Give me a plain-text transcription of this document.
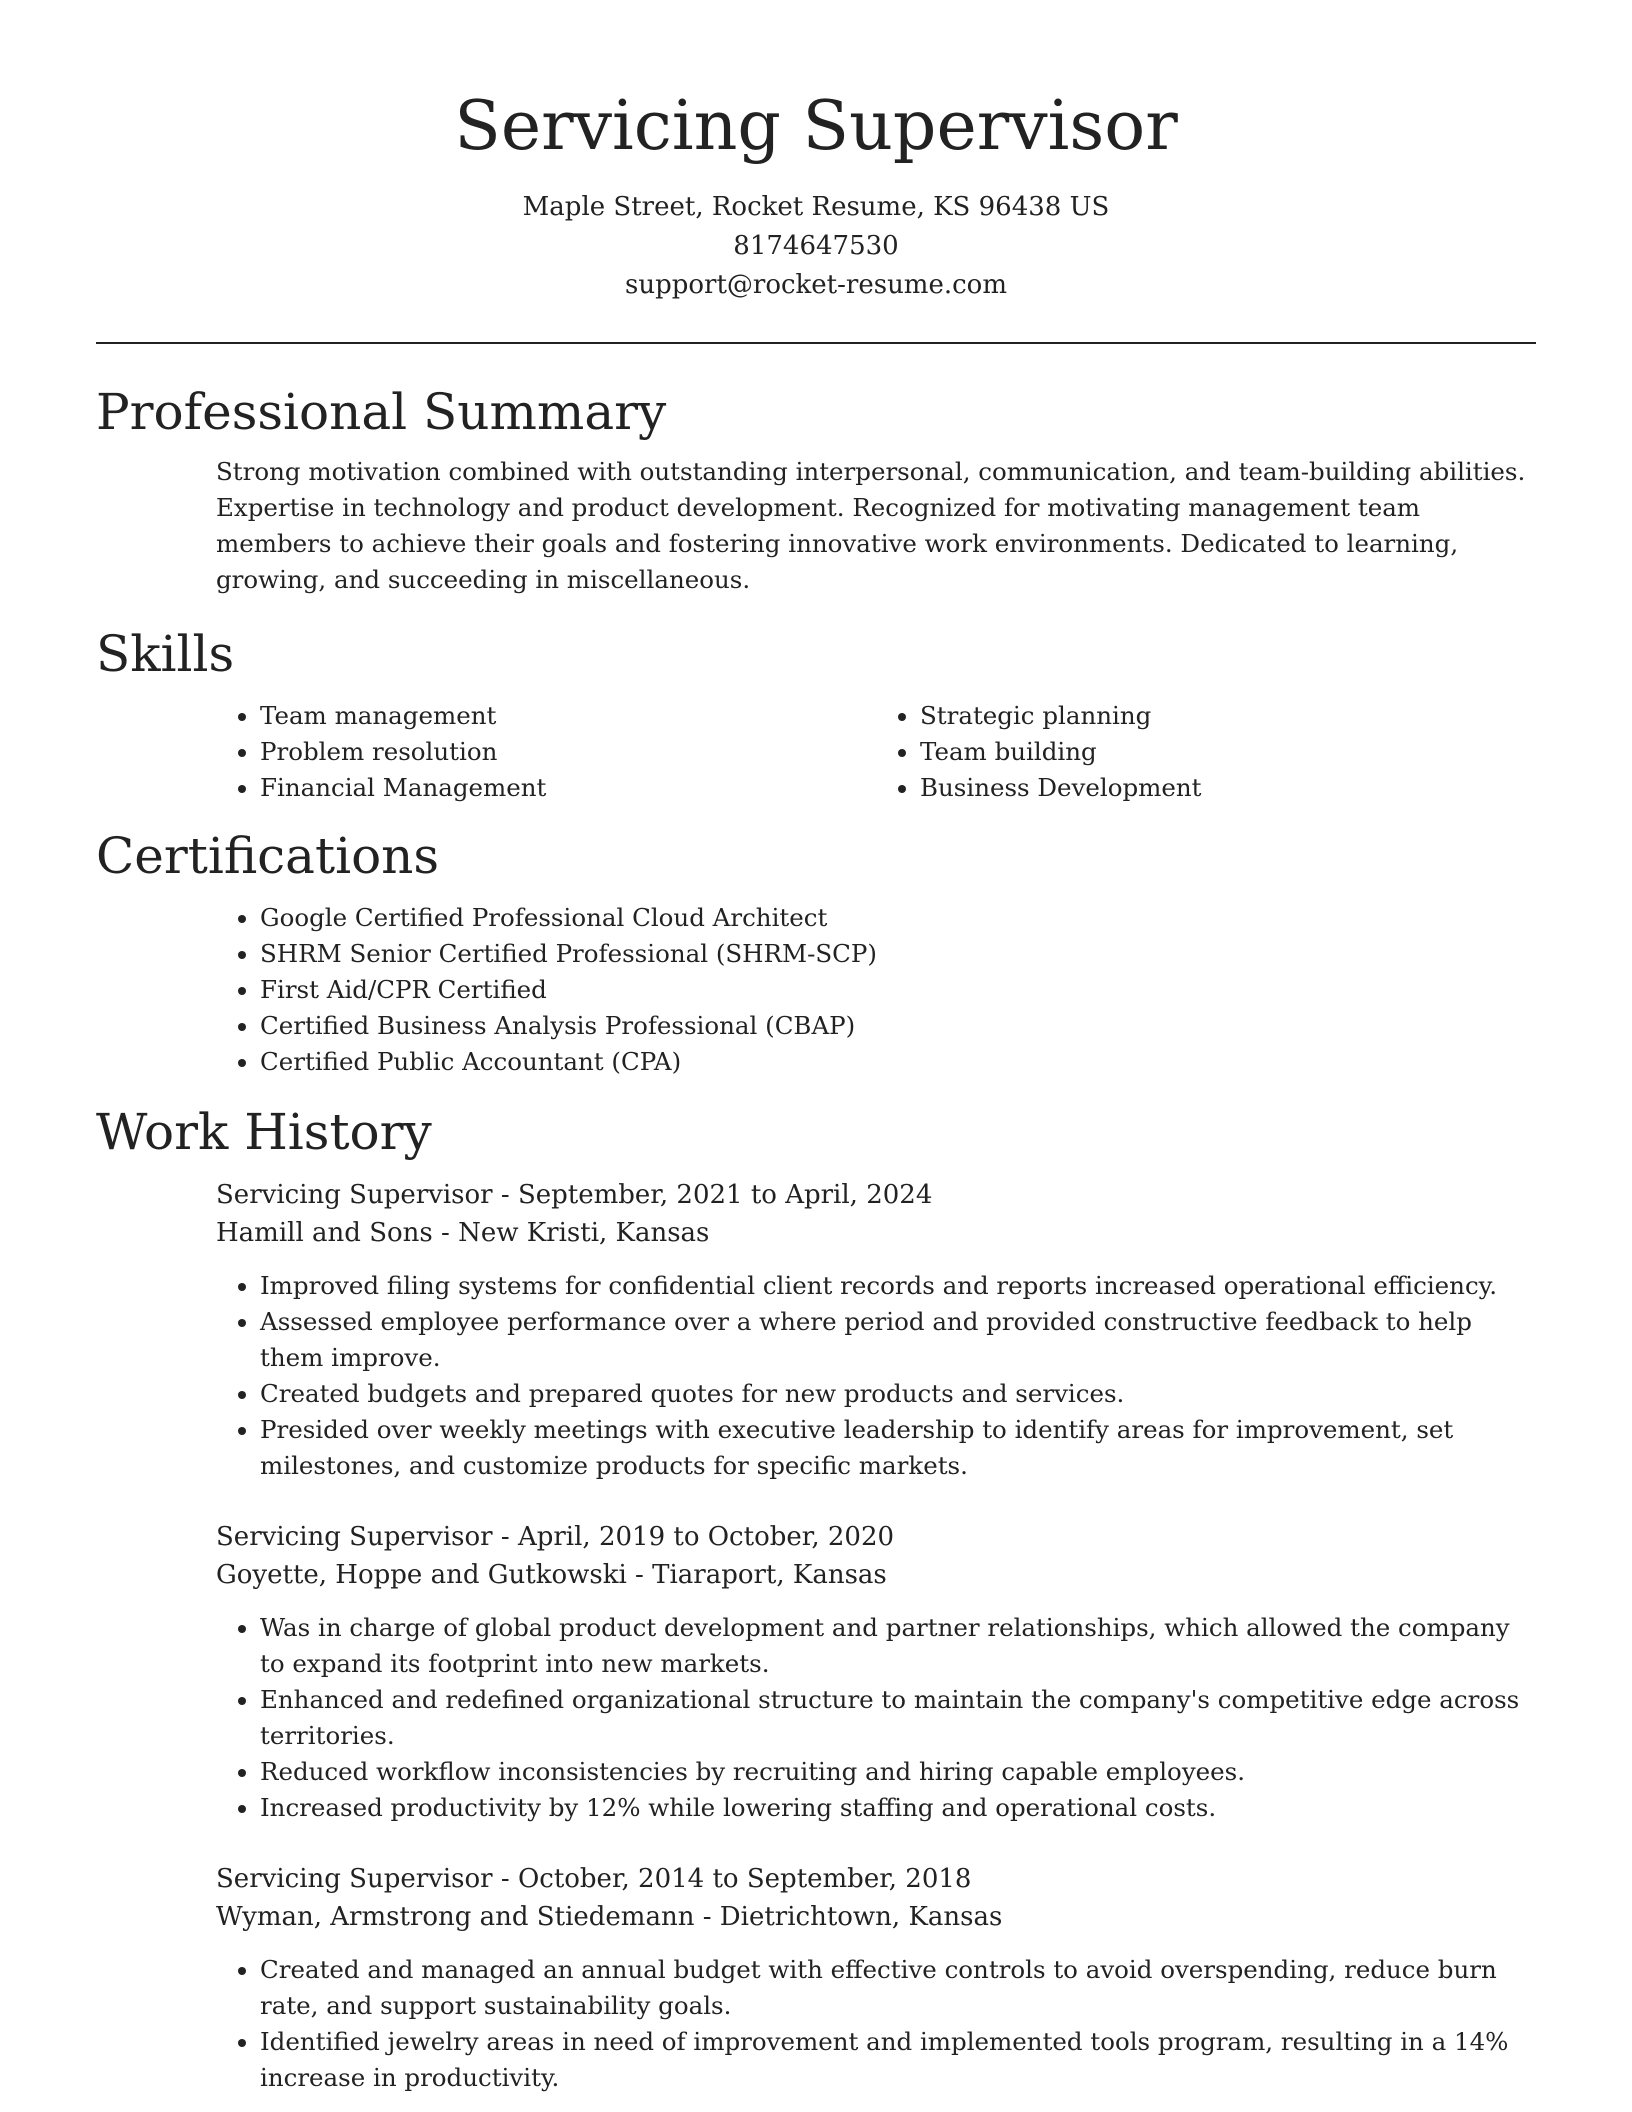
Servicing Supervisor
Maple Street, Rocket Resume, KS 96438 US
8174647530
support@rocket-resume.com
Professional Summary

Strong motivation combined with outstanding interpersonal, communication, and team-building abilities. Expertise in technology and product development. Recognized for motivating management team members to achieve their goals and fostering innovative work environments. Dedicated to learning, growing, and succeeding in miscellaneous.

Skills
• Team management
• Problem resolution
• Financial Management
• Strategic planning
• Team building
• Business Development
Certifications
• Google Certified Professional Cloud Architect
• SHRM Senior Certified Professional (SHRM-SCP)
• First Aid/CPR Certified
• Certified Business Analysis Professional (CBAP)
• Certified Public Accountant (CPA)
Work History
Servicing Supervisor - September, 2021 to April, 2024
Hamill and Sons - New Kristi, Kansas
• Improved filing systems for confidential client records and reports increased operational efficiency.
• Assessed employee performance over a where period and provided constructive feedback to help them improve.
• Created budgets and prepared quotes for new products and services.
• Presided over weekly meetings with executive leadership to identify areas for improvement, set milestones, and customize products for specific markets.
Servicing Supervisor - April, 2019 to October, 2020
Goyette, Hoppe and Gutkowski - Tiaraport, Kansas
• Was in charge of global product development and partner relationships, which allowed the company to expand its footprint into new markets.
• Enhanced and redefined organizational structure to maintain the company's competitive edge across territories.
• Reduced workflow inconsistencies by recruiting and hiring capable employees.
• Increased productivity by 12% while lowering staffing and operational costs.
Servicing Supervisor - October, 2014 to September, 2018
Wyman, Armstrong and Stiedemann - Dietrichtown, Kansas
• Created and managed an annual budget with effective controls to avoid overspending, reduce burn rate, and support sustainability goals.
• Identified jewelry areas in need of improvement and implemented tools program, resulting in a 14% increase in productivity.
